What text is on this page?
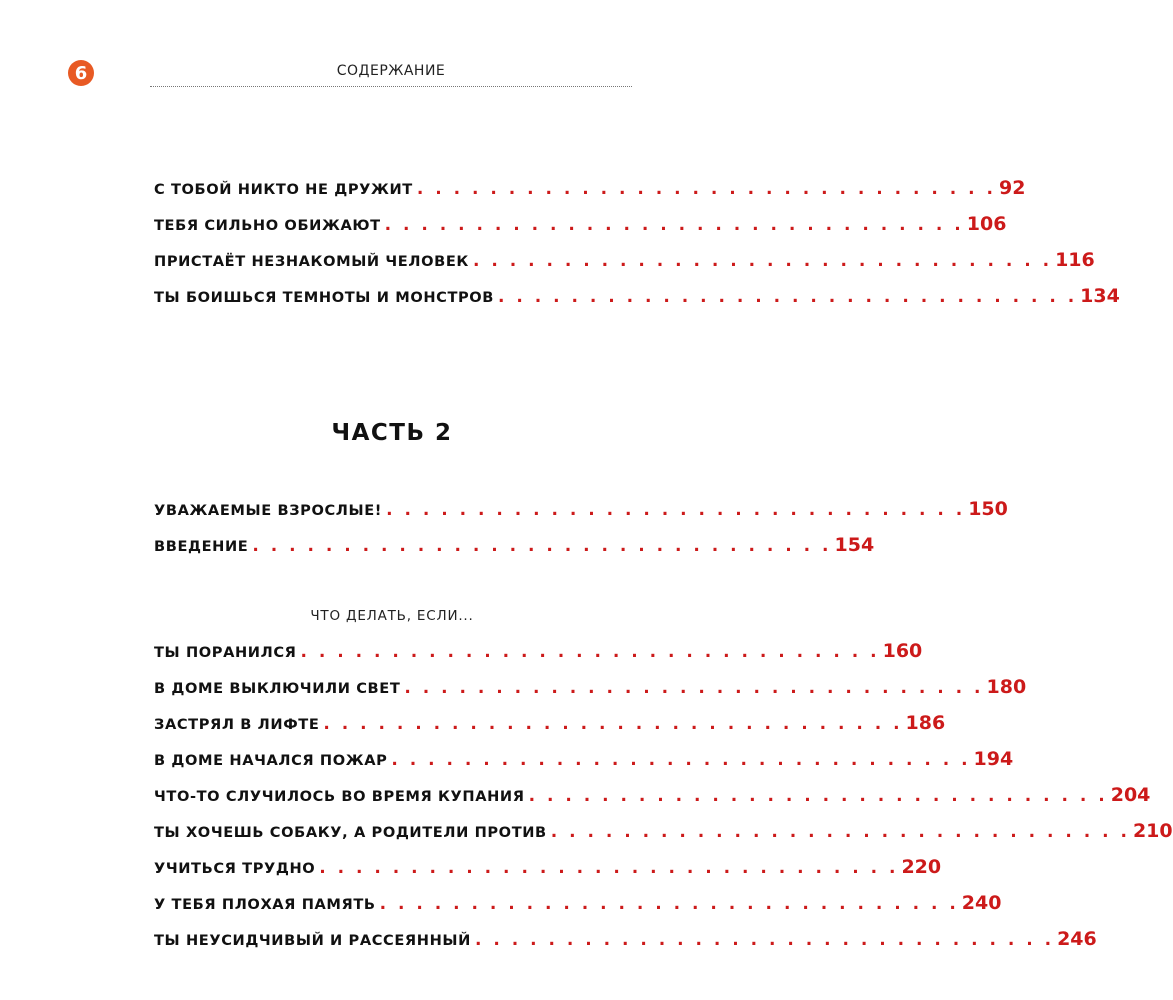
6	СОДЕРЖАНИЕ
С ТОБОЙ НИКТО НЕ ДРУЖИТ . . . . . . . . . . . . . . . . . . . . . . . . . . . . . . . . 92
ТЕБЯ СИЛЬНО ОБИЖАЮТ . . . . . . . . . . . . . . . . . . . . . . . . . . . . . . . . 106
ПРИСТАЁТ НЕЗНАКОМЫЙ ЧЕЛОВЕК . . . . . . . . . . . . . . . . . . . . . . . . . . . . . . . . 116
ТЫ БОИШЬСЯ ТЕМНОТЫ И МОНСТРОВ . . . . . . . . . . . . . . . . . . . . . . . . . . . . . . . . 134
ЧАСТЬ 2
УВАЖАЕМЫЕ ВЗРОСЛЫЕ! . . . . . . . . . . . . . . . . . . . . . . . . . . . . . . . . 150
ВВЕДЕНИЕ . . . . . . . . . . . . . . . . . . . . . . . . . . . . . . . . 154
ЧТО ДЕЛАТЬ, ЕСЛИ...
ТЫ ПОРАНИЛСЯ . . . . . . . . . . . . . . . . . . . . . . . . . . . . . . . . 160
В ДОМЕ ВЫКЛЮЧИЛИ СВЕТ . . . . . . . . . . . . . . . . . . . . . . . . . . . . . . . . 180
ЗАСТРЯЛ В ЛИФТЕ . . . . . . . . . . . . . . . . . . . . . . . . . . . . . . . . 186
В ДОМЕ НАЧАЛСЯ ПОЖАР . . . . . . . . . . . . . . . . . . . . . . . . . . . . . . . . 194
ЧТО-ТО СЛУЧИЛОСЬ ВО ВРЕМЯ КУПАНИЯ . . . . . . . . . . . . . . . . . . . . . . . . . . . . . . . . 204
ТЫ ХОЧЕШЬ СОБАКУ, А РОДИТЕЛИ ПРОТИВ . . . . . . . . . . . . . . . . . . . . . . . . . . . . . . . . 210
УЧИТЬСЯ ТРУДНО . . . . . . . . . . . . . . . . . . . . . . . . . . . . . . . . 220
У ТЕБЯ ПЛОХАЯ ПАМЯТЬ . . . . . . . . . . . . . . . . . . . . . . . . . . . . . . . . 240
ТЫ НЕУСИДЧИВЫЙ И РАССЕЯННЫЙ . . . . . . . . . . . . . . . . . . . . . . . . . . . . . . . . 246
